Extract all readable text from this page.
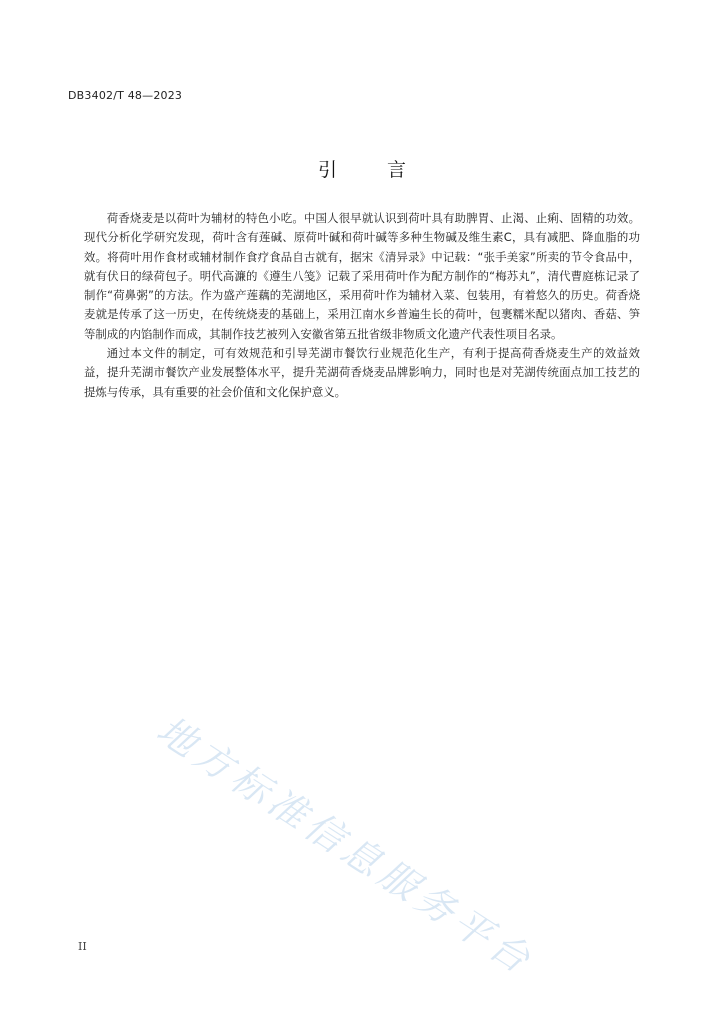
DB3402/T 48—2023
引	言

荷香烧麦是以荷叶为辅材的特色小吃。中国人很早就认识到荷叶具有助脾胃、止渴、止痢、固精的功效。现代分析化学研究发现，荷叶含有莲碱、原荷叶碱和荷叶碱等多种生物碱及维生素C，具有减肥、降血脂的功效。将荷叶用作食材或辅材制作食疗食品自古就有，据宋《清异录》中记载：“张手美家”所卖的节令食品中，就有伏日的绿荷包子。明代高濂的《遵生八笺》记载了采用荷叶作为配方制作的“梅苏丸”，清代曹庭栋记录了制作“荷鼻粥”的方法。作为盛产莲藕的芜湖地区，采用荷叶作为辅材入菜、包装用，有着悠久的历史。荷香烧麦就是传承了这一历史，在传统烧麦的基础上，采用江南水乡普遍生长的荷叶，包裹糯米配以猪肉、香菇、笋等制成的内馅制作而成，其制作技艺被列入安徽省第五批省级非物质文化遗产代表性项目名录。

通过本文件的制定，可有效规范和引导芜湖市餐饮行业规范化生产，有利于提高荷香烧麦生产的效益效益，提升芜湖市餐饮产业发展整体水平，提升芜湖荷香烧麦品牌影响力，同时也是对芜湖传统面点加工技艺的提炼与传承，具有重要的社会价值和文化保护意义。

地方标准信息服务平台
II
